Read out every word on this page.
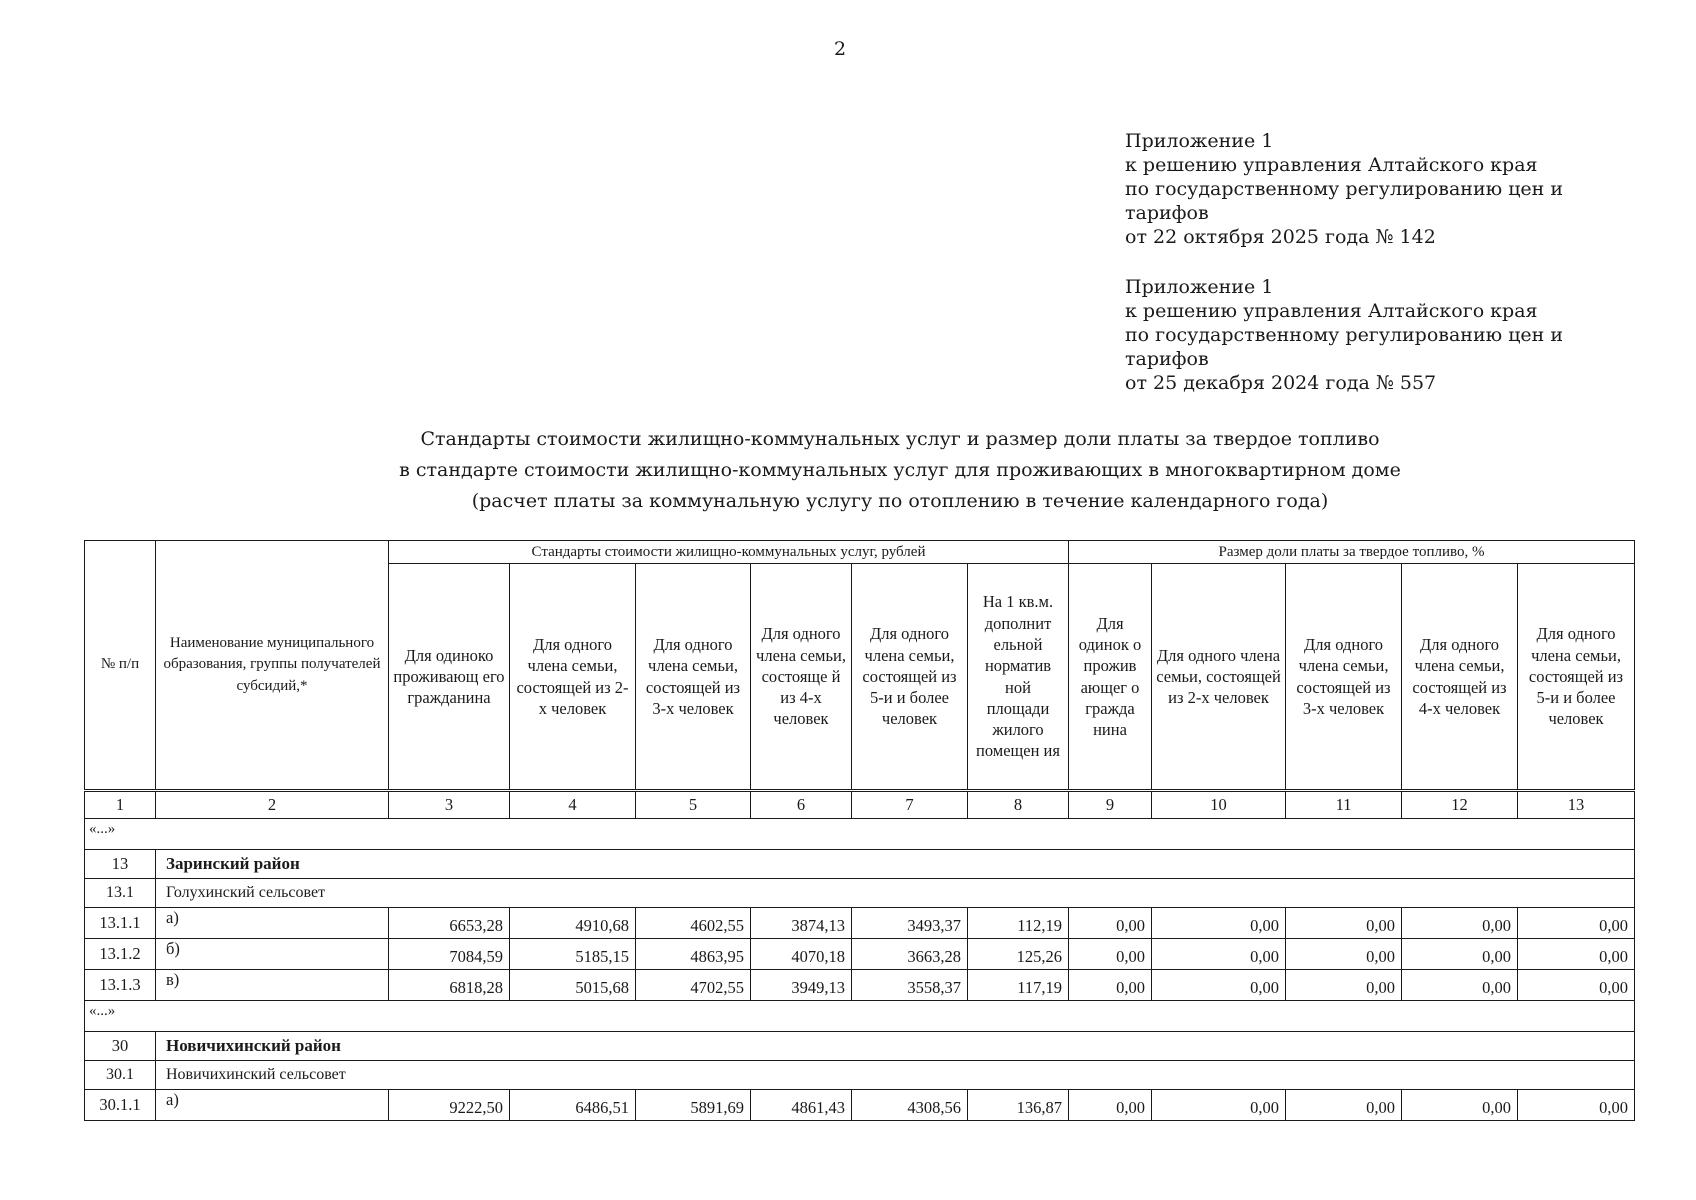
2
Приложение 1
к решению управления Алтайского края
по государственному регулированию цен и
тарифов
от 22 октября 2025 года № 142
Приложение 1
к решению управления Алтайского края
по государственному регулированию цен и
тарифов
от 25 декабря 2024 года № 557
Стандарты стоимости жилищно-коммунальных услуг и размер доли платы за твердое топливо
в стандарте стоимости жилищно-коммунальных услуг для проживающих в многоквартирном доме
(расчет платы за коммунальную услугу по отоплению в течение календарного года)
№ п/п	Наименование муниципального образования, группы получателей субсидий,*	Стандарты стоимости жилищно-коммунальных услуг, рублей						Размер доли платы за твердое топливо, %				
		Для одиноко проживающ его гражданина	Для одного члена семьи, состоящей из 2-х человек	Для одного члена семьи, состоящей из 3-х человек	Для одного члена семьи, состояще й из 4-х человек	Для одного члена семьи, состоящей из 5-и и более человек	На 1 кв.м. дополнит ельной норматив ной площади жилого помещен ия	Для одинок о прожив ающег о гражда нина	Для одного члена семьи, состоящей из 2-х человек	Для одного члена семьи, состоящей из 3-х человек	Для одного члена семьи, состоящей из 4-х человек	Для одного члена семьи, состоящей из 5-и и более человек
1	2	3	4	5	6	7	8	9	10	11	12	13
«...»												
13	Заринский район											
13.1	Голухинский сельсовет											
13.1.1	а)	6653,28	4910,68	4602,55	3874,13	3493,37	112,19	0,00	0,00	0,00	0,00	0,00
13.1.2	б)	7084,59	5185,15	4863,95	4070,18	3663,28	125,26	0,00	0,00	0,00	0,00	0,00
13.1.3	в)	6818,28	5015,68	4702,55	3949,13	3558,37	117,19	0,00	0,00	0,00	0,00	0,00
«...»												
30	Новичихинский район											
30.1	Новичихинский сельсовет											
30.1.1	а)	9222,50	6486,51	5891,69	4861,43	4308,56	136,87	0,00	0,00	0,00	0,00	0,00
